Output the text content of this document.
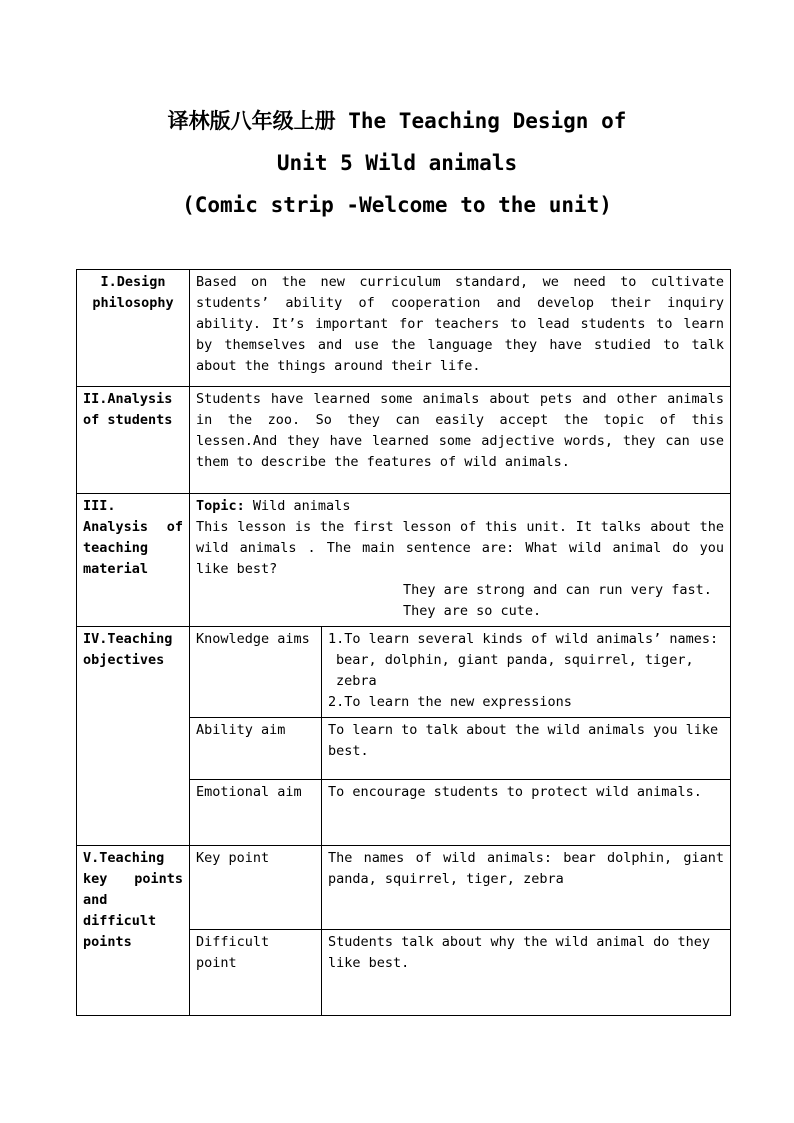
译林版八年级上册 The Teaching Design of
Unit 5 Wild animals
(Comic strip -Welcome to the unit)
I.Design philosophy	Based on the new curriculum standard, we need to cultivate students’ ability of cooperation and develop their inquiry ability. It’s important for teachers to lead students to learn by themselves and use the language they have studied to talk about the things around their life.	
II.Analysis of students	Students have learned some animals about pets and other animals in the zoo. So they can easily accept the topic of this lessen.And they have learned some adjective words, they can use them to describe the features of wild animals.	
III. Analysis of teaching material	Topic: Wild animals
This lesson is the first lesson of this unit. It talks about the wild animals . The main sentence are: What wild animal do you like best?
They are strong and can run very fast.
They are so cute.	

IV.Teaching objectives	Knowledge aims	1.To learn several kinds of wild animals’ names:
bear, dolphin, giant panda, squirrel, tiger, zebra
2.To learn the new expressions

	Ability aim	To learn to talk about the wild animals you like best.
	Emotional aim	To encourage students to protect wild animals.
V.Teaching key points and difficult points	Key point	The names of wild animals: bear dolphin, giant panda, squirrel, tiger, zebra
	Difficult point	Students talk about why the wild animal do they like best.
